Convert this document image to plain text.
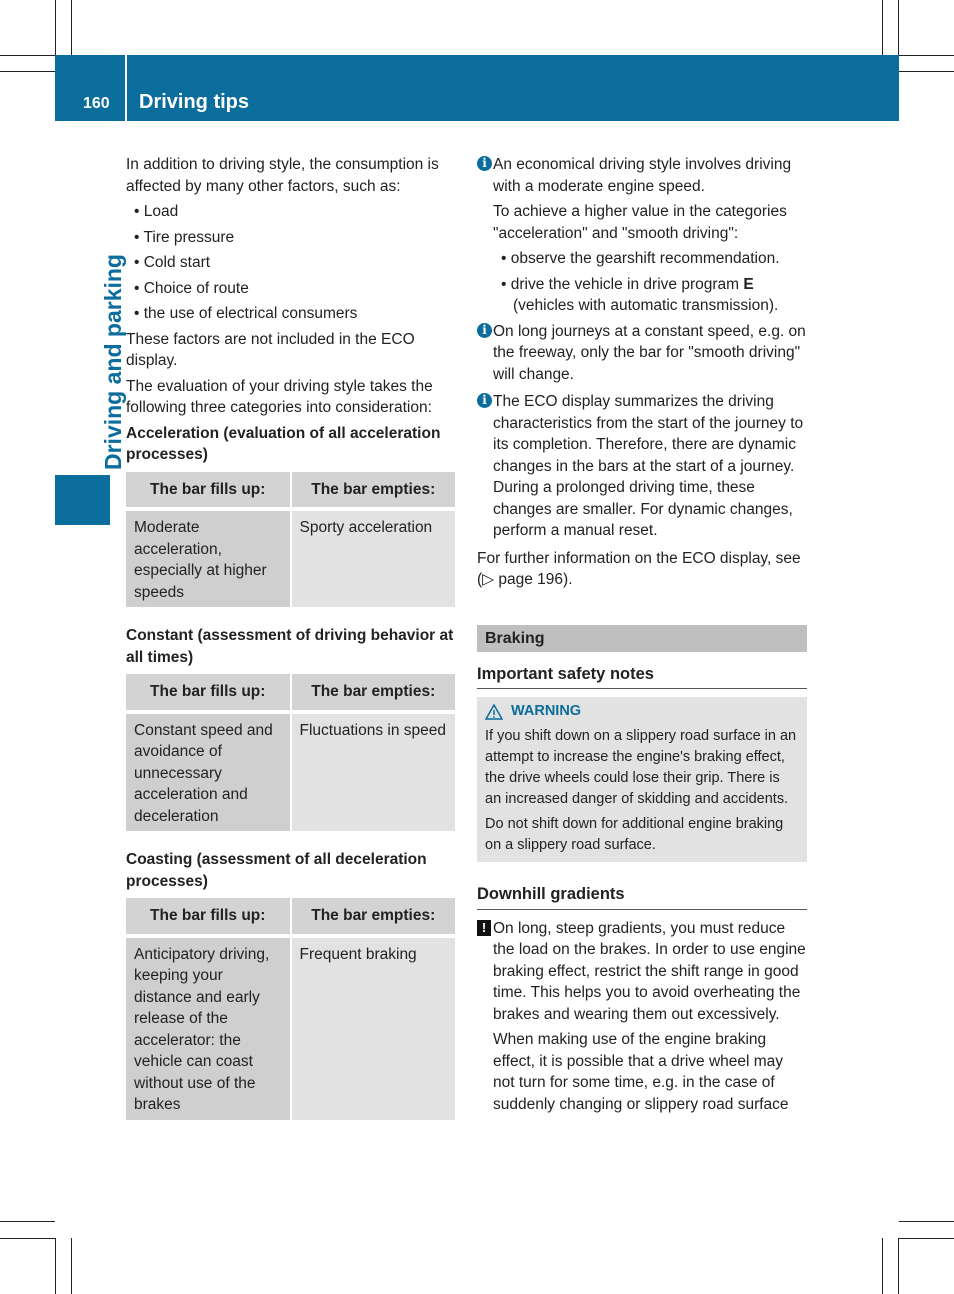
160 Driving tips
Driving and parking

In addition to driving style, the consumption is affected by many other factors, such as:

• Load
• Tire pressure
• Cold start
• Choice of route
• the use of electrical consumers

These factors are not included in the ECO display.

The evaluation of your driving style takes the following three categories into consideration:

Acceleration (evaluation of all acceleration processes)
The bar fills up:	The bar empties:
Moderate acceleration, especially at higher speeds	Sporty acceleration
Constant (assessment of driving behavior at all times)
The bar fills up:	The bar empties:
Constant speed and avoidance of unnecessary acceleration and deceleration	Fluctuations in speed
Coasting (assessment of all deceleration processes)
The bar fills up:	The bar empties:
Anticipatory driving, keeping your distance and early release of the accelerator: the vehicle can coast without use of the brakes	Frequent braking
i An economical driving style involves driving with a moderate engine speed.

To achieve a higher value in the categories "acceleration" and "smooth driving":

• observe the gearshift recommendation.
• drive the vehicle in drive program E
(vehicles with automatic transmission).
i On long journeys at a constant speed, e.g. on the freeway, only the bar for "smooth driving" will change.
i The ECO display summarizes the driving characteristics from the start of the journey to its completion. Therefore, there are dynamic changes in the bars at the start of a journey. During a prolonged driving time, these changes are smaller. For dynamic changes, perform a manual reset.

For further information on the ECO display, see (▷ page 196).

Braking
Important safety notes
WARNING

If you shift down on a slippery road surface in an attempt to increase the engine's braking effect, the drive wheels could lose their grip. There is an increased danger of skidding and accidents.

Do not shift down for additional engine braking on a slippery road surface.

Downhill gradients
! On long, steep gradients, you must reduce the load on the brakes. In order to use engine braking effect, restrict the shift range in good time. This helps you to avoid overheating the brakes and wearing them out excessively.

When making use of the engine braking effect, it is possible that a drive wheel may not turn for some time, e.g. in the case of suddenly changing or slippery road surface
